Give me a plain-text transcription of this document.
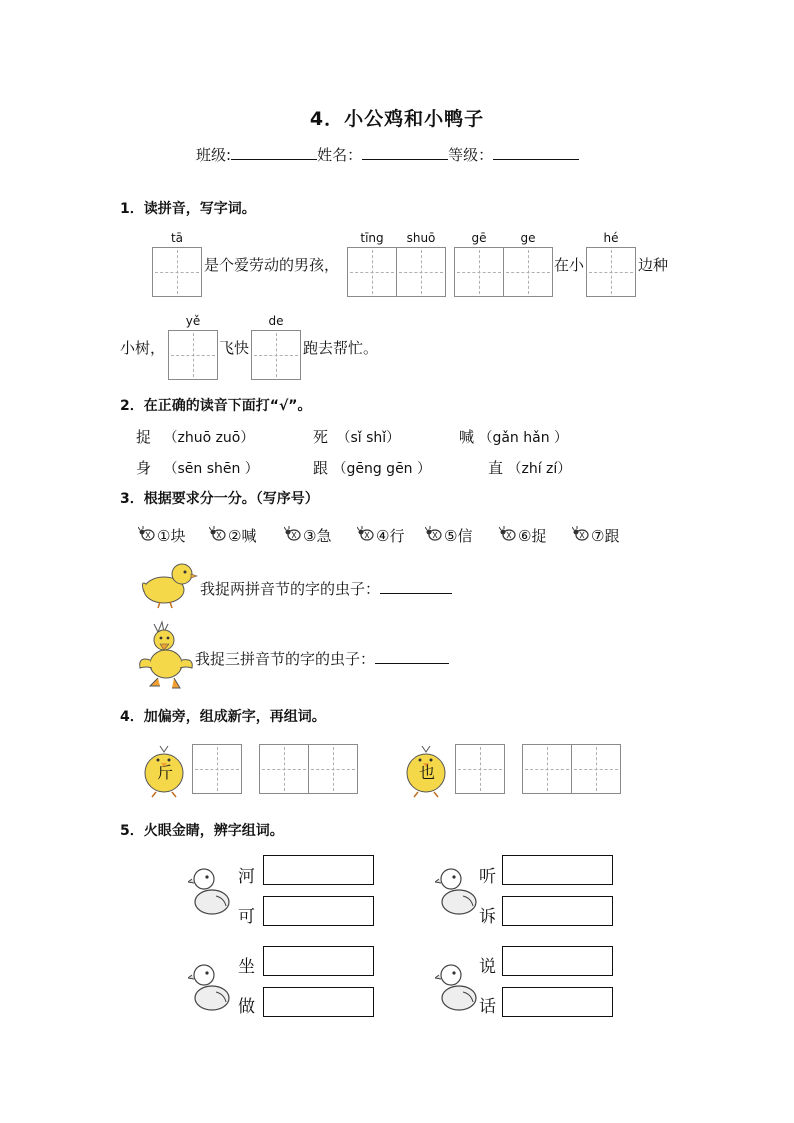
4．小公鸡和小鸭子
班级:	姓名：	等级：
1．读拼音，写字词。
tā	tīng	shuō	gē	ge	hé
是个爱劳动的男孩，	在小	边种
yě	de
小树，	飞快	跑去帮忙。
2．在正确的读音下面打“√”。
捉 （zhuō zuō）	死 （sǐ shǐ）	喊 （gǎn hǎn ）
身 （sēn shēn ）	跟 （gēng gēn ）	直 （zhí zí）
3．根据要求分一分。（写序号）
①块	②喊	③急	④行	⑤信	⑥捉	⑦跟
我捉两拼音节的字的虫子：
我捉三拼音节的字的虫子：
4．加偏旁，组成新字，再组词。
斤	也
5．火眼金睛，辨字组词。
河
可
听
诉
坐
做
说
话
